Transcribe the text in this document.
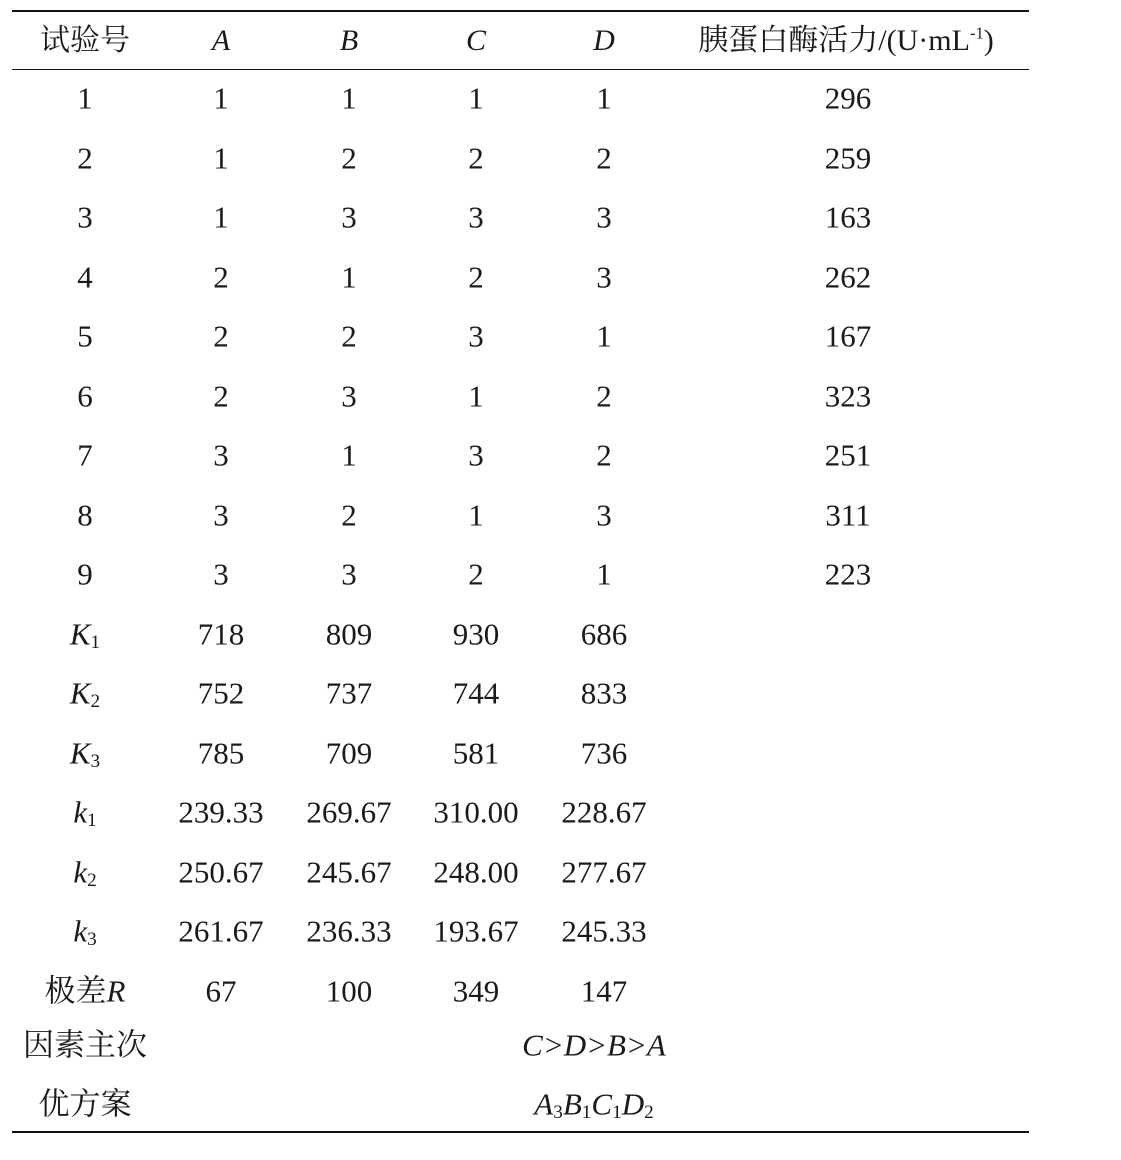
试验号	A	B	C	D	胰蛋白酶活力$/(U\cdot mL^{-1})$
1	1	1	1	1	296
2	1	2	2	2	259
3	1	3	3	3	163
4	2	1	2	3	262
5	2	2	3	1	167
6	2	3	1	2	323
7	3	1	3	2	251
8	3	2	1	3	311
9	3	3	2	1	223
$K_1$	718	809	930	686
$K_2$	752	737	744	833
$K_3$	785	709	581	736
$k_1$	239.33 269.67 310.00 228.67
$k_2$	250.67 245.67 248.00 277.67
$k_3$	261.67 236.33 193.67 245.33
极差R	67	100	349	147
因素主次	C>D>B>A
优方案	$A_3B_1C_1D_2$
